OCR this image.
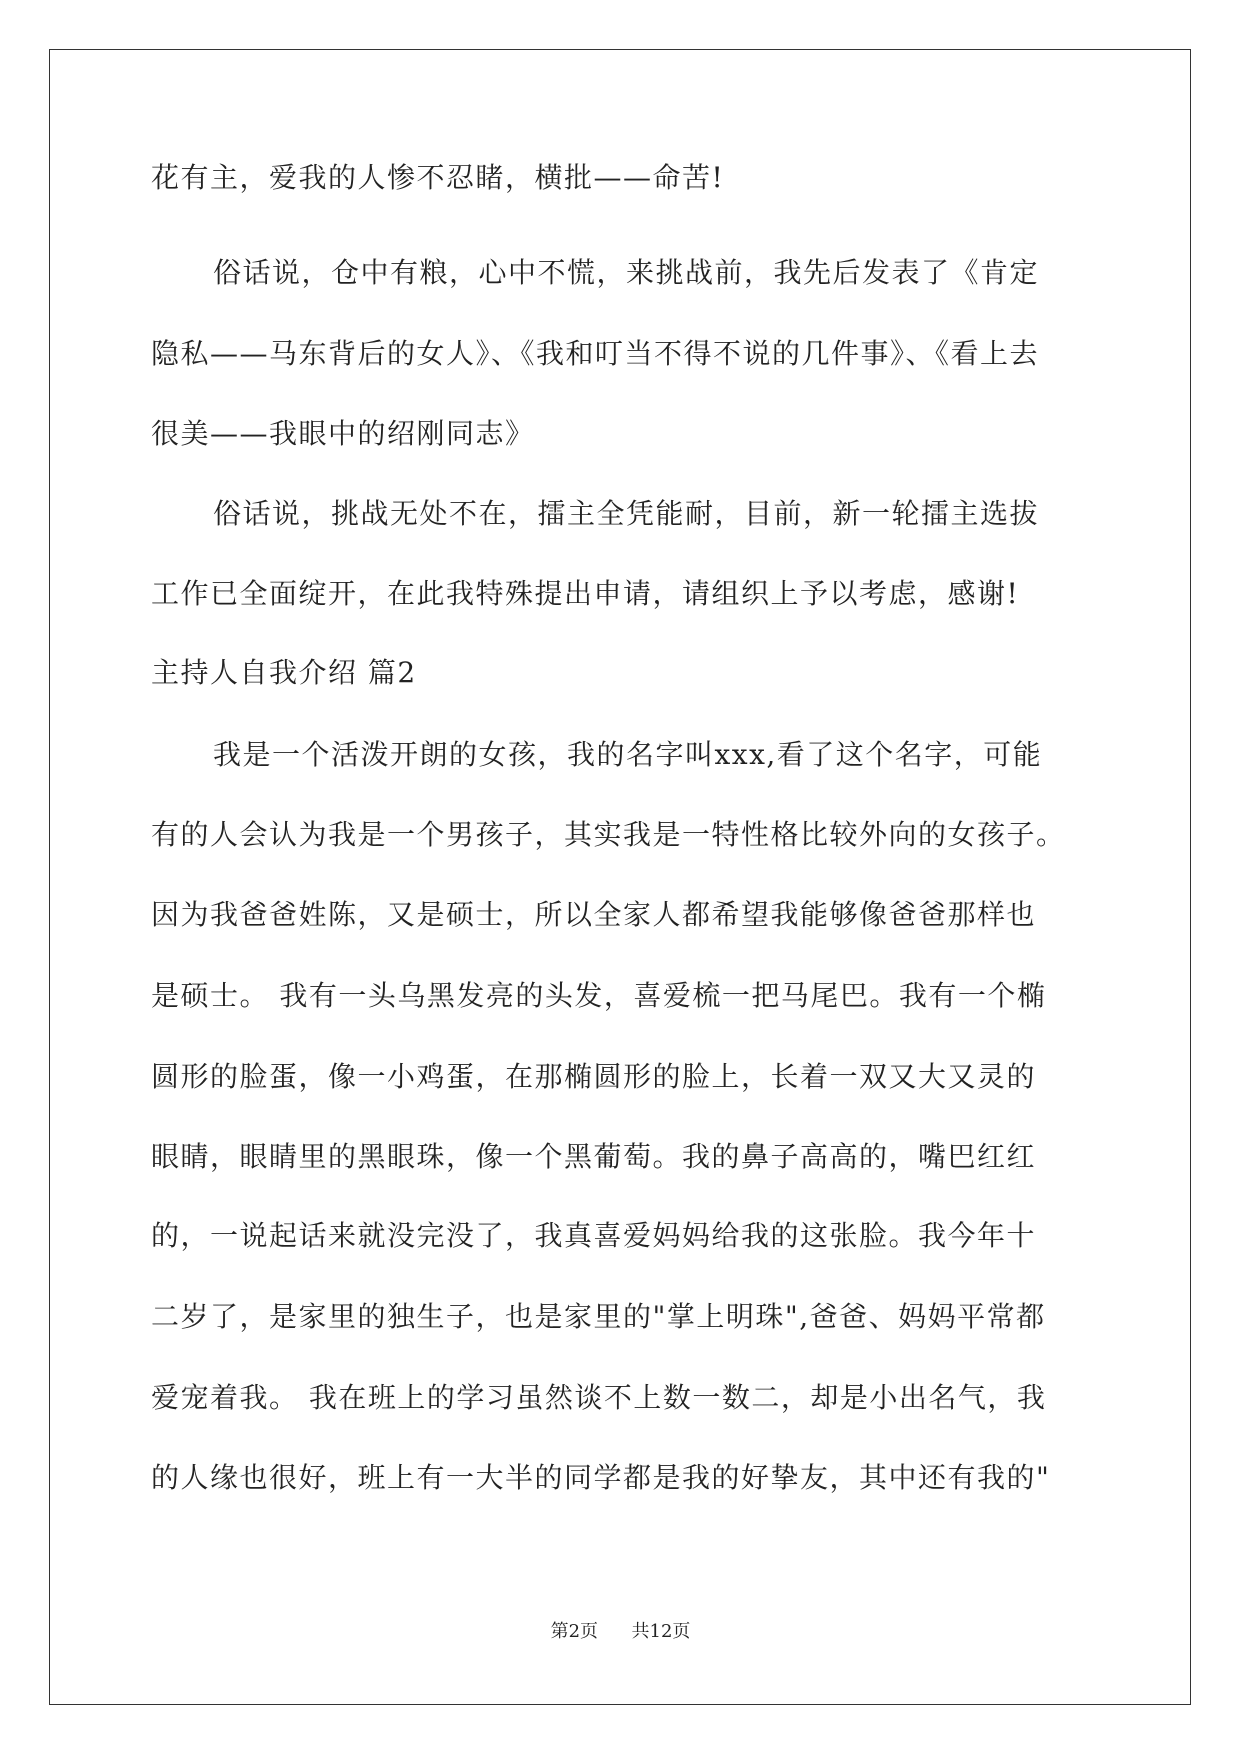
花有主，爱我的人惨不忍睹，横批——命苦!
俗话说，仓中有粮，心中不慌，来挑战前，我先后发表了《肯定
隐私——马东背后的女人》、《我和叮当不得不说的几件事》、《看上去
很美——我眼中的绍刚同志》
俗话说，挑战无处不在，擂主全凭能耐，目前，新一轮擂主选拔
工作已全面绽开，在此我特殊提出申请，请组织上予以考虑，感谢!
主持人自我介绍 篇2
我是一个活泼开朗的女孩，我的名字叫xxx,看了这个名字，可能
有的人会认为我是一个男孩子，其实我是一特性格比较外向的女孩子。
因为我爸爸姓陈，又是硕士，所以全家人都希望我能够像爸爸那样也
是硕士。 我有一头乌黑发亮的头发，喜爱梳一把马尾巴。我有一个椭
圆形的脸蛋，像一小鸡蛋，在那椭圆形的脸上，长着一双又大又灵的
眼睛，眼睛里的黑眼珠，像一个黑葡萄。我的鼻子高高的，嘴巴红红
的，一说起话来就没完没了，我真喜爱妈妈给我的这张脸。我今年十
二岁了，是家里的独生子，也是家里的"掌上明珠",爸爸、妈妈平常都
爱宠着我。 我在班上的学习虽然谈不上数一数二，却是小出名气，我
的人缘也很好，班上有一大半的同学都是我的好挚友，其中还有我的"
第2页 共12页
